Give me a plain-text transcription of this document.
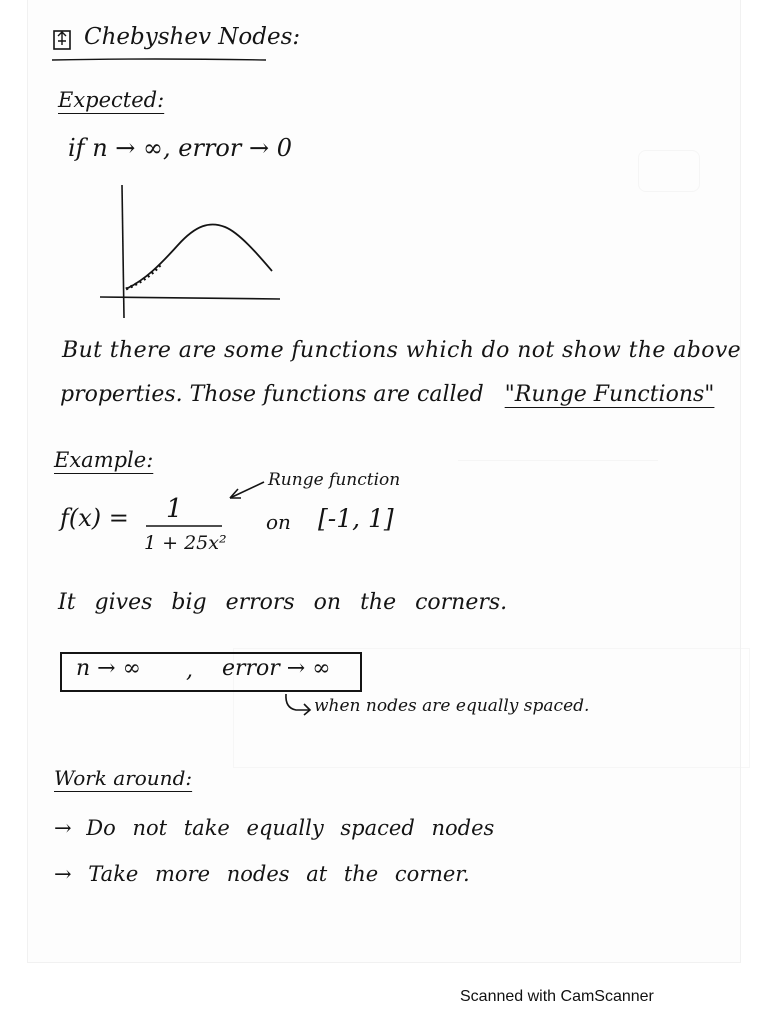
Chebyshev Nodes:
Expected:
if n → ∞, error → 0
But there are some functions which do not show the above
properties. Those functions are called "Runge Functions"
Example:
Runge function
f(x) = 1
1 + 25x²
on [-1, 1]
It gives big errors on the corners.
n → ∞ , error → ∞
when nodes are equally spaced.
Work around:
→ Do not take equally spaced nodes
→ Take more nodes at the corner.
Scanned with CamScanner
